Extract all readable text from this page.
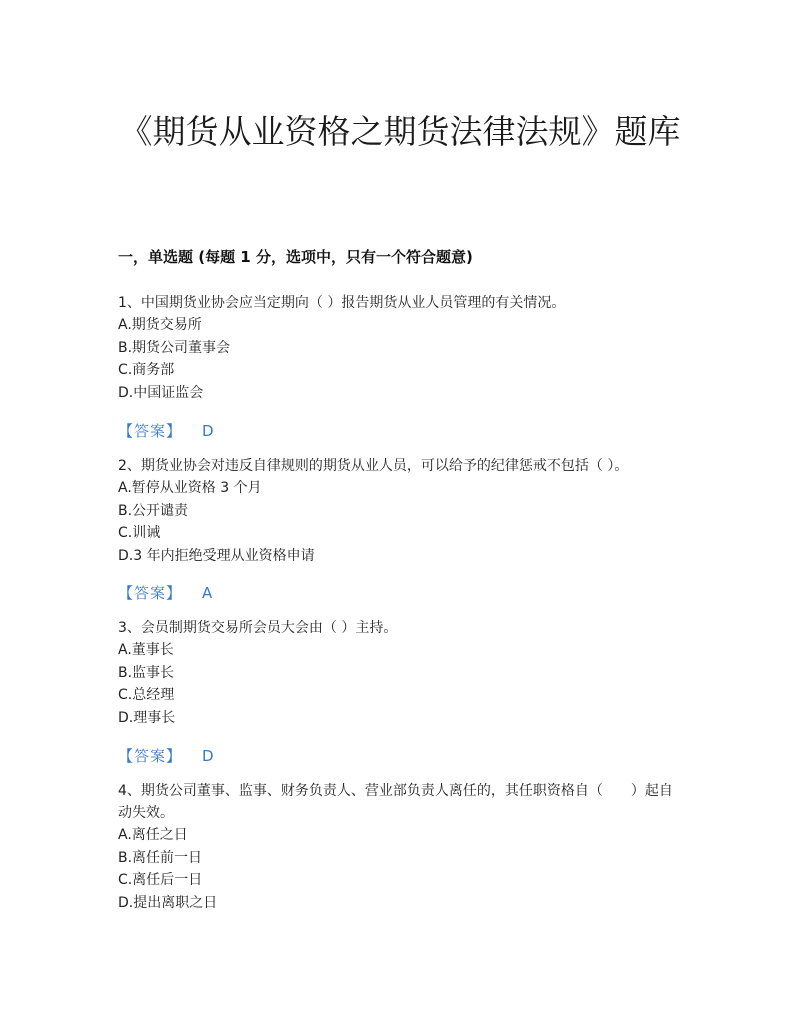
《期货从业资格之期货法律法规》题库
一，单选题 (每题 1 分，选项中，只有一个符合题意)
1、中国期货业协会应当定期向（ ）报告期货从业人员管理的有关情况。
A.期货交易所
B.期货公司董事会
C.商务部
D.中国证监会
【答案】 D
2、期货业协会对违反自律规则的期货从业人员，可以给予的纪律惩戒不包括（ ）。
A.暂停从业资格 3 个月
B.公开谴责
C.训诫
D.3 年内拒绝受理从业资格申请
【答案】 A
3、会员制期货交易所会员大会由（ ）主持。
A.董事长
B.监事长
C.总经理
D.理事长
【答案】 D
4、期货公司董事、监事、财务负责人、营业部负责人离任的，其任职资格自（　　）起自动失效。
A.离任之日
B.离任前一日
C.离任后一日
D.提出离职之日
